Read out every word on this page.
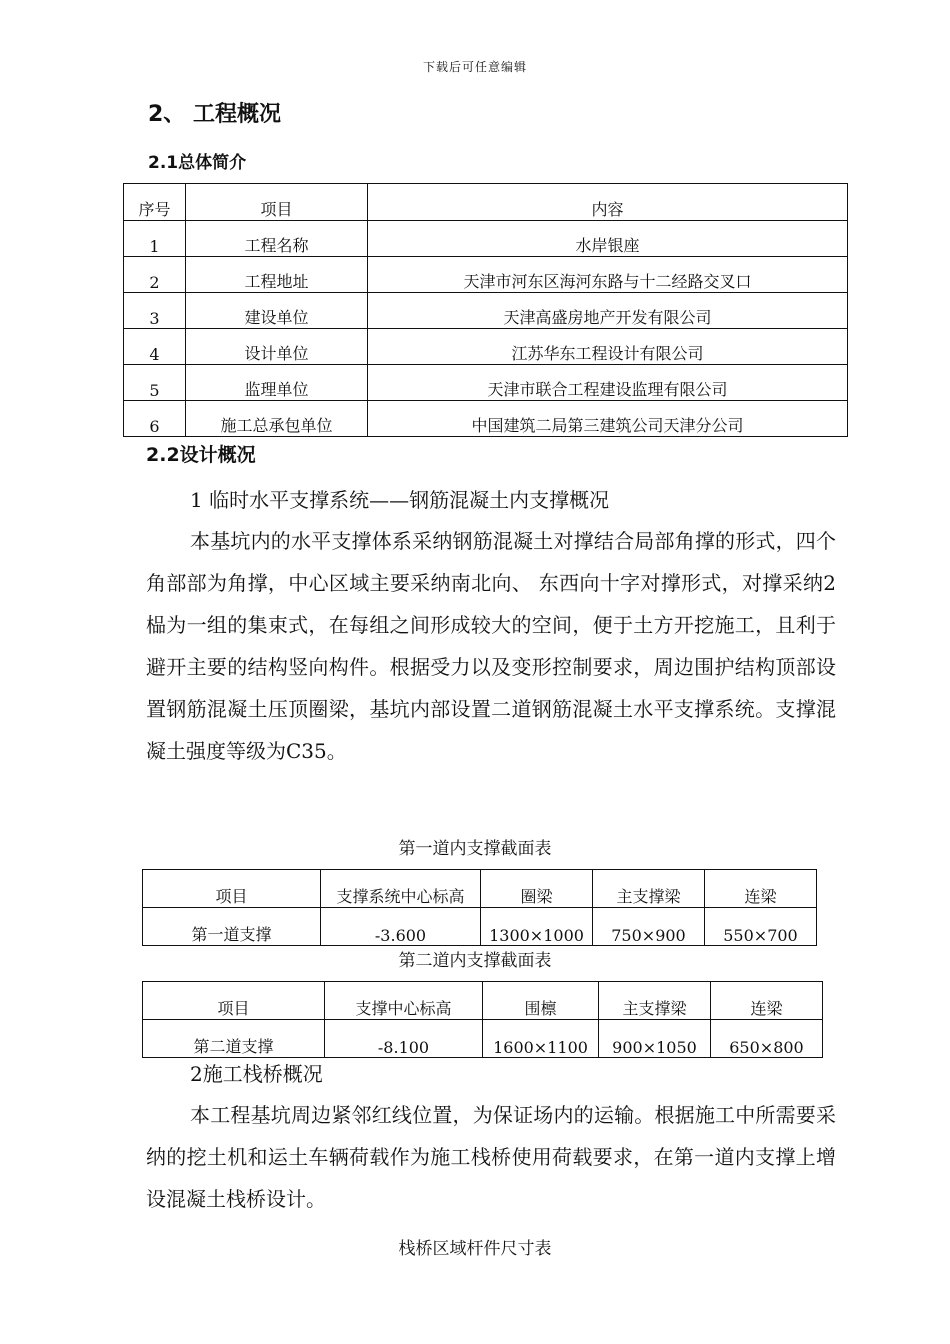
下载后可任意编辑
2、 工程概况
2.1总体简介
序号	项目	内容
1	工程名称	水岸银座
2	工程地址	天津市河东区海河东路与十二经路交叉口
3	建设单位	天津高盛房地产开发有限公司
4	设计单位	江苏华东工程设计有限公司
5	监理单位	天津市联合工程建设监理有限公司
6	施工总承包单位	中国建筑二局第三建筑公司天津分公司
2.2设计概况
1 临时水平支撑系统——钢筋混凝土内支撑概况
本基坑内的水平支撑体系采纳钢筋混凝土对撑结合局部角撑的形式，四个角部部为角撑，中心区域主要采纳南北向、 东西向十字对撑形式，对撑采纳2榀为一组的集束式，在每组之间形成较大的空间，便于土方开挖施工，且利于避开主要的结构竖向构件。根据受力以及变形控制要求，周边围护结构顶部设置钢筋混凝土压顶圈梁，基坑内部设置二道钢筋混凝土水平支撑系统。支撑混凝土强度等级为C35。
第一道内支撑截面表
项目	支撑系统中心标高	圈梁	主支撑梁	连梁
第一道支撑	-3.600	1300×1000	750×900	550×700
第二道内支撑截面表
项目	支撑中心标高	围檩	主支撑梁	连梁
第二道支撑	-8.100	1600×1100	900×1050	650×800
2施工栈桥概况
本工程基坑周边紧邻红线位置，为保证场内的运输。根据施工中所需要采纳的挖土机和运土车辆荷载作为施工栈桥使用荷载要求，在第一道内支撑上增设混凝土栈桥设计。
栈桥区域杆件尺寸表
